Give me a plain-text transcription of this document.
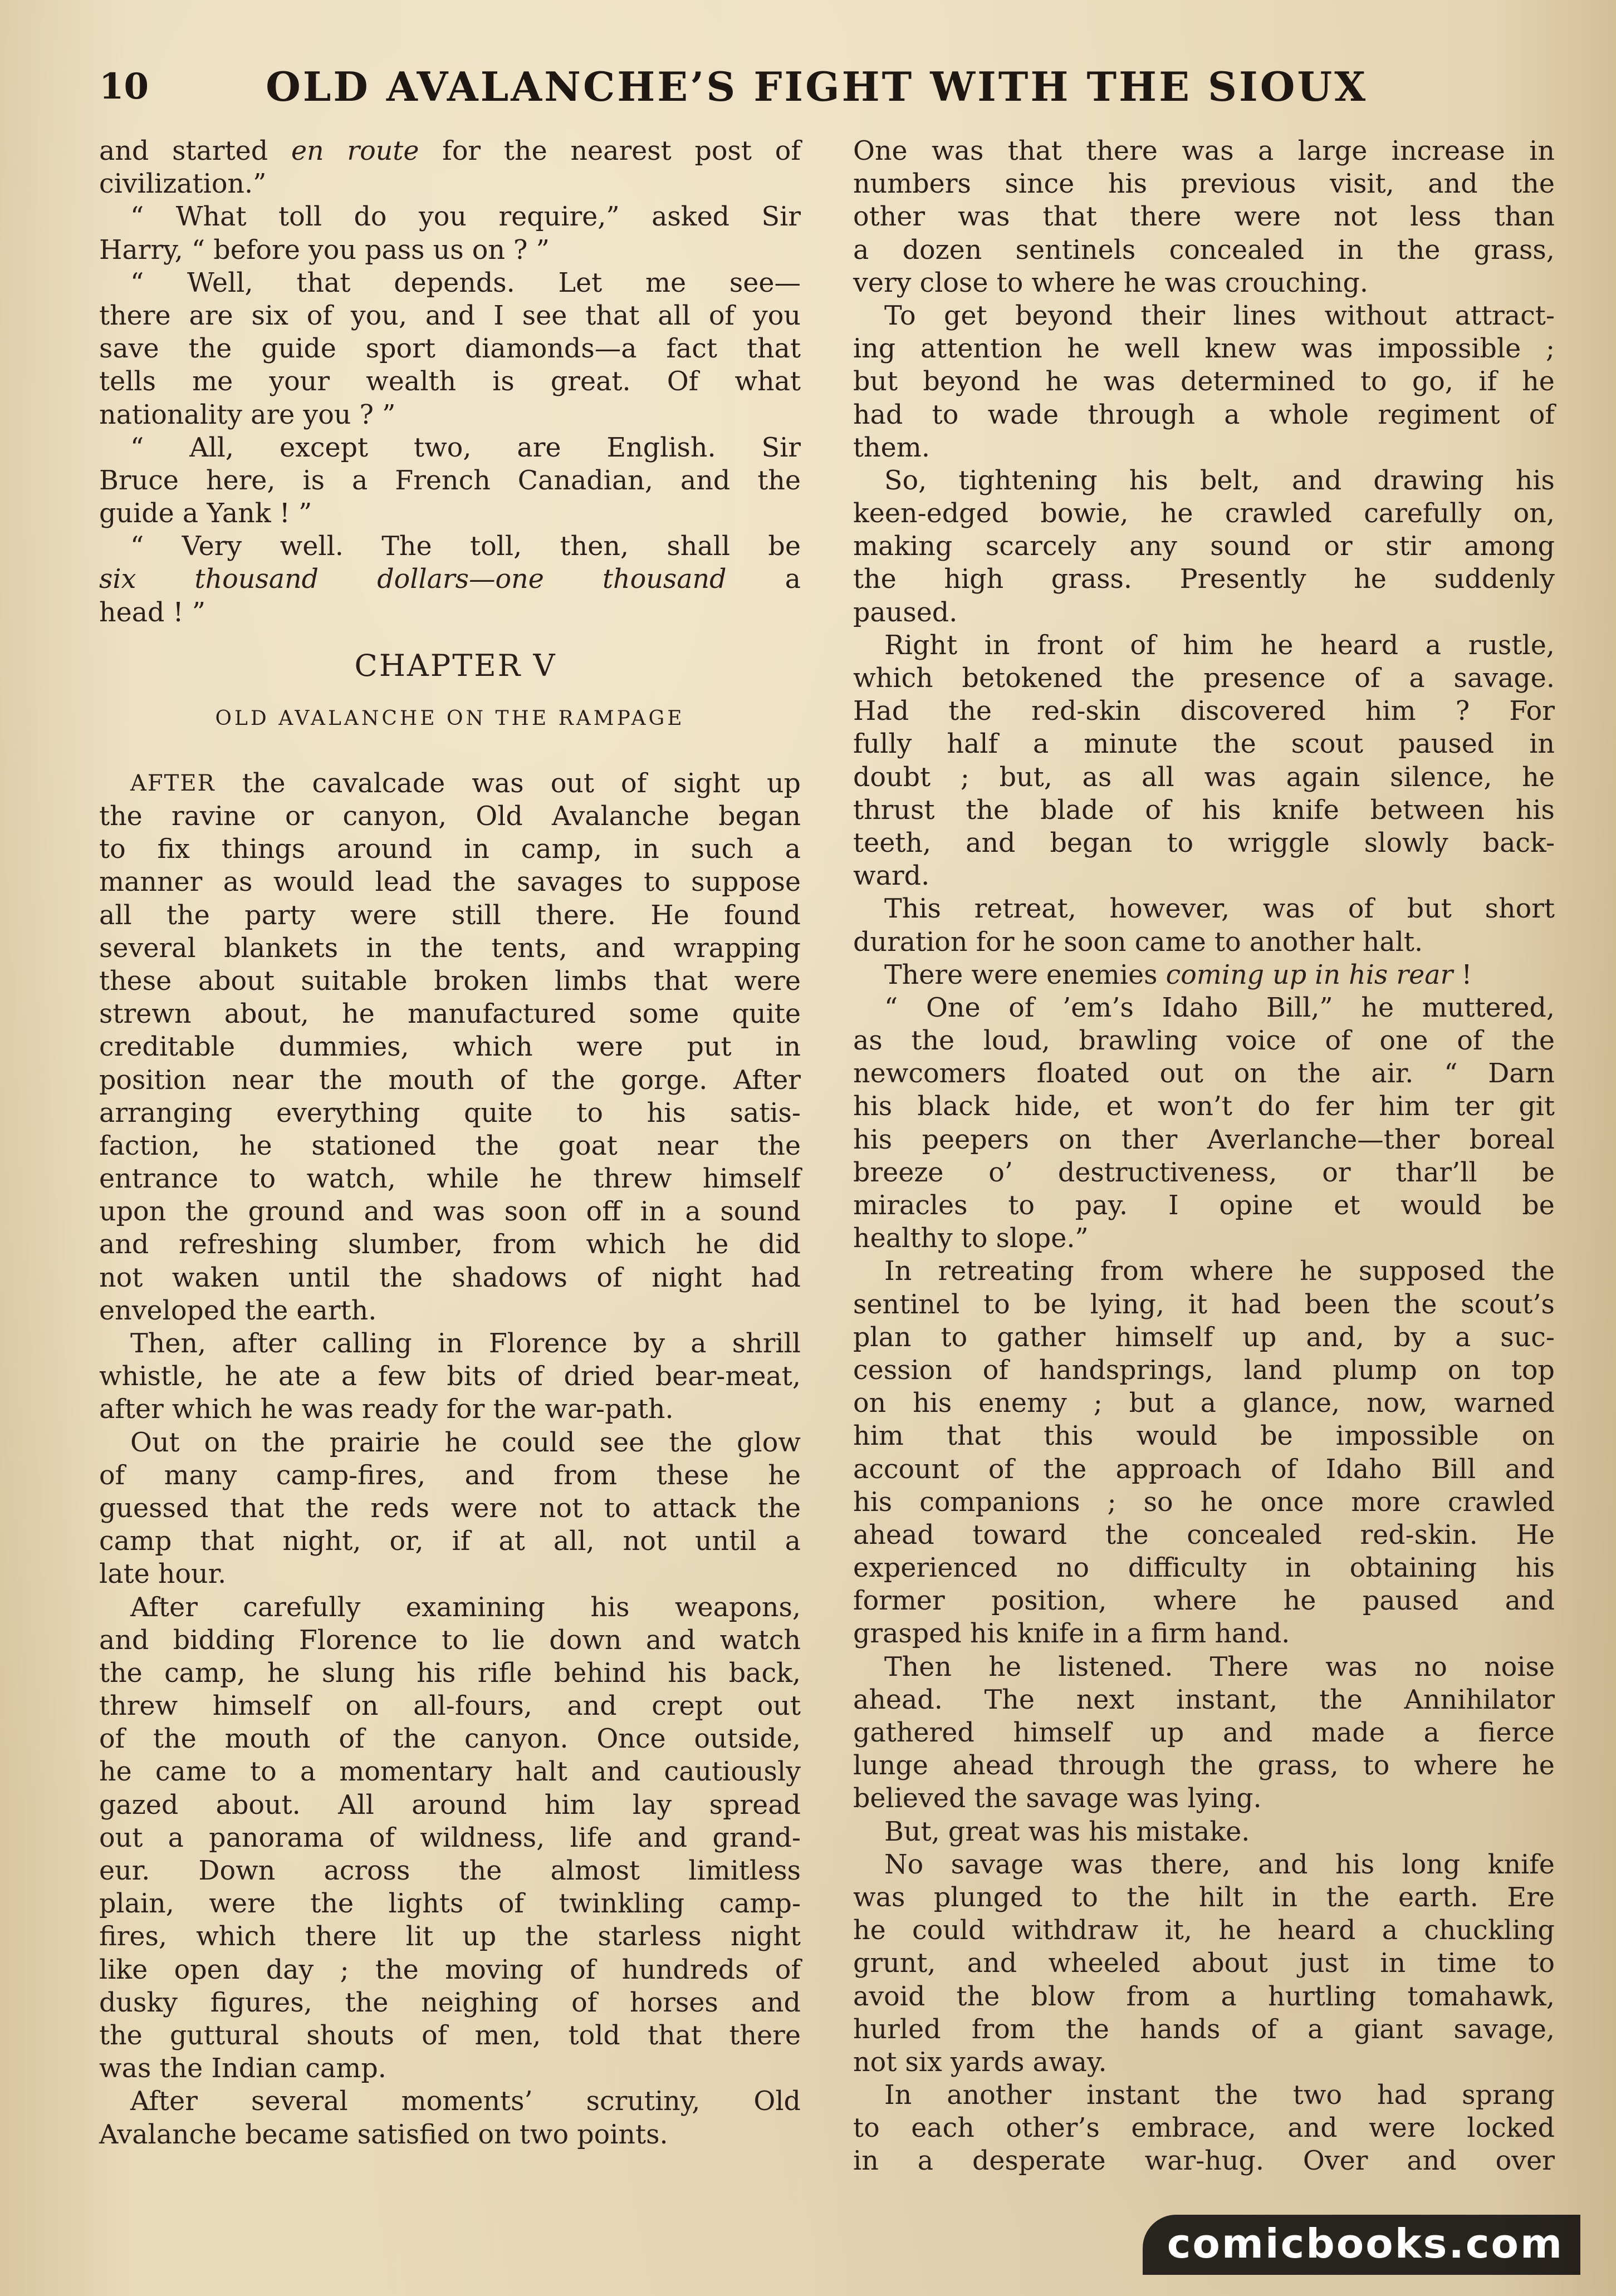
10	OLD AVALANCHE’S FIGHT WITH THE SIOUX
and started en route for the nearest post of
civilization.”
“ What toll do you require,” asked Sir
Harry,
“
before
you
pass
us
on
?
”
“ Well, that depends. Let me see—
there are six of you, and I see that all of you
save the guide sport diamonds—a fact that
tells me your wealth is great. Of what
nationality
are
you
?
”
“ All, except two, are English. Sir
Bruce here, is a French Canadian, and the
guide
a
Yank
!
”
“ Very well. The toll, then, shall be
six thousand dollars—one thousand a
head
!
”
CHAPTER V
OLD AVALANCHE ON THE RAMPAGE
AFTER the cavalcade was out of sight up
the ravine or canyon, Old Avalanche began
to fix things around in camp, in such a
manner as would lead the savages to suppose
all the party were still there. He found
several blankets in the tents, and wrapping
these about suitable broken limbs that were
strewn about, he manufactured some quite
creditable dummies, which were put in
position near the mouth of the gorge. After
arranging everything quite to his satis-
faction, he stationed the goat near the
entrance to watch, while he threw himself
upon the ground and was soon off in a sound
and refreshing slumber, from which he did
not waken until the shadows of night had
enveloped
the
earth.
Then, after calling in Florence by a shrill
whistle, he ate a few bits of dried bear-meat,
after
which
he
was
ready
for
the
war-path.
Out on the prairie he could see the glow
of many camp-fires, and from these he
guessed that the reds were not to attack the
camp that night, or, if at all, not until a
late
hour.
After carefully examining his weapons,
and bidding Florence to lie down and watch
the camp, he slung his rifle behind his back,
threw himself on all-fours, and crept out
of the mouth of the canyon. Once outside,
he came to a momentary halt and cautiously
gazed about. All around him lay spread
out a panorama of wildness, life and grand-
eur. Down across the almost limitless
plain, were the lights of twinkling camp-
fires, which there lit up the starless night
like open day ; the moving of hundreds of
dusky figures, the neighing of horses and
the guttural shouts of men, told that there
was
the
Indian
camp.
After several moments’ scrutiny, Old
Avalanche
became
satisfied
on
two
points.
One was that there was a large increase in
numbers since his previous visit, and the
other was that there were not less than
a dozen sentinels concealed in the grass,
very
close
to
where
he
was
crouching.
To get beyond their lines without attract-
ing attention he well knew was impossible ;
but beyond he was determined to go, if he
had to wade through a whole regiment of
them.
So, tightening his belt, and drawing his
keen-edged bowie, he crawled carefully on,
making scarcely any sound or stir among
the high grass. Presently he suddenly
paused.
Right in front of him he heard a rustle,
which betokened the presence of a savage.
Had the red-skin discovered him ? For
fully half a minute the scout paused in
doubt ; but, as all was again silence, he
thrust the blade of his knife between his
teeth, and began to wriggle slowly back-
ward.
This retreat, however, was of but short
duration
for
he
soon
came
to
another
halt.
There were enemies
coming up in his rear
!
“ One of ’em’s Idaho Bill,” he muttered,
as the loud, brawling voice of one of the
newcomers floated out on the air. “ Darn
his black hide, et won’t do fer him ter git
his peepers on ther Averlanche—ther boreal
breeze o’ destructiveness, or thar’ll be
miracles to pay. I opine et would be
healthy
to
slope.”
In retreating from where he supposed the
sentinel to be lying, it had been the scout’s
plan to gather himself up and, by a suc-
cession of handsprings, land plump on top
on his enemy ; but a glance, now, warned
him that this would be impossible on
account of the approach of Idaho Bill and
his companions ; so he once more crawled
ahead toward the concealed red-skin. He
experienced no difficulty in obtaining his
former position, where he paused and
grasped
his
knife
in
a
firm
hand.
Then he listened. There was no noise
ahead. The next instant, the Annihilator
gathered himself up and made a fierce
lunge ahead through the grass, to where he
believed
the
savage
was
lying.
But,
great
was
his
mistake.
No savage was there, and his long knife
was plunged to the hilt in the earth. Ere
he could withdraw it, he heard a chuckling
grunt, and wheeled about just in time to
avoid the blow from a hurtling tomahawk,
hurled from the hands of a giant savage,
not
six
yards
away.
In another instant the two had sprang
to each other’s embrace, and were locked
in
a
desperate
war-hug.
Over
and
over
comicbooks.com
